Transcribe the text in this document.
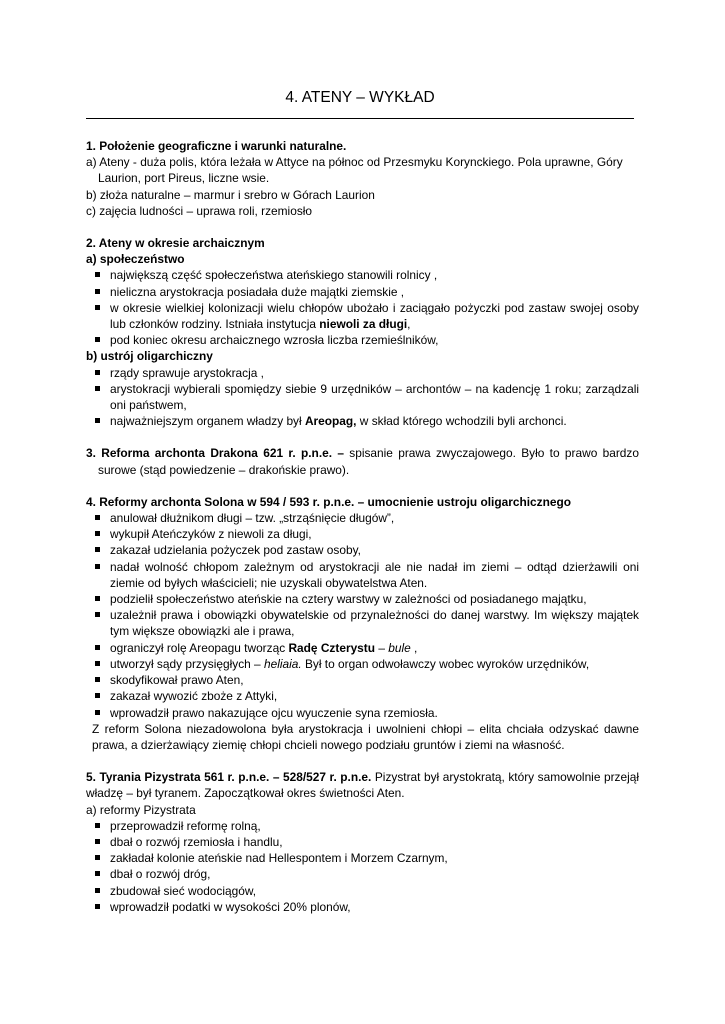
4. ATENY – WYKŁAD

1. Położenie geograficzne i warunki naturalne.

a) Ateny - duża polis, która leżała w Attyce na północ od Przesmyku Korynckiego. Pola uprawne, Góry Laurion, port Pireus, liczne wsie.

b) złoża naturalne – marmur i srebro w Górach Laurion

c) zajęcia ludności – uprawa roli, rzemiosło

2. Ateny w okresie archaicznym

a) społeczeństwo

największą część społeczeństwa ateńskiego stanowili rolnicy ,
nieliczna arystokracja posiadała duże majątki ziemskie ,
w okresie wielkiej kolonizacji wielu chłopów ubożało i zaciągało pożyczki pod zastaw swojej osoby lub członków rodziny. Istniała instytucja niewoli za długi,
pod koniec okresu archaicznego wzrosła liczba rzemieślników,

b) ustrój oligarchiczny

rządy sprawuje arystokracja ,
arystokracji wybierali spomiędzy siebie 9 urzędników – archontów – na kadencję 1 roku; zarządzali oni państwem,
najważniejszym organem władzy był Areopag, w skład którego wchodzili byli archonci.

3. Reforma archonta Drakona 621 r. p.n.e. – spisanie prawa zwyczajowego. Było to prawo bardzo surowe (stąd powiedzenie – drakońskie prawo).

4. Reformy archonta Solona w 594 / 593 r. p.n.e. – umocnienie ustroju oligarchicznego

anulował dłużnikom długi – tzw. „strząśnięcie długów”,
wykupił Ateńczyków z niewoli za długi,
zakazał udzielania pożyczek pod zastaw osoby,
nadał wolność chłopom zależnym od arystokracji ale nie nadał im ziemi – odtąd dzierżawili oni ziemie od byłych właścicieli; nie uzyskali obywatelstwa Aten.
podzielił społeczeństwo ateńskie na cztery warstwy w zależności od posiadanego majątku,
uzależnił prawa i obowiązki obywatelskie od przynależności do danej warstwy. Im większy majątek tym większe obowiązki ale i prawa,
ograniczył rolę Areopagu tworząc Radę Czterystu – bule ,
utworzył sądy przysięgłych – heliaia. Był to organ odwoławczy wobec wyroków urzędników,
skodyfikował prawo Aten,
zakazał wywozić zboże z Attyki,
wprowadził prawo nakazujące ojcu wyuczenie syna rzemiosła.

Z reform Solona niezadowolona była arystokracja i uwolnieni chłopi – elita chciała odzyskać dawne prawa, a dzierżawiący ziemię chłopi chcieli nowego podziału gruntów i ziemi na własność.

5. Tyrania Pizystrata 561 r. p.n.e. – 528/527 r. p.n.e. Pizystrat był arystokratą, który samowolnie przejął władzę – był tyranem. Zapoczątkował okres świetności Aten.

a) reformy Pizystrata

przeprowadził reformę rolną,
dbał o rozwój rzemiosła i handlu,
zakładał kolonie ateńskie nad Hellespontem i Morzem Czarnym,
dbał o rozwój dróg,
zbudował sieć wodociągów,
wprowadził podatki w wysokości 20% plonów,
